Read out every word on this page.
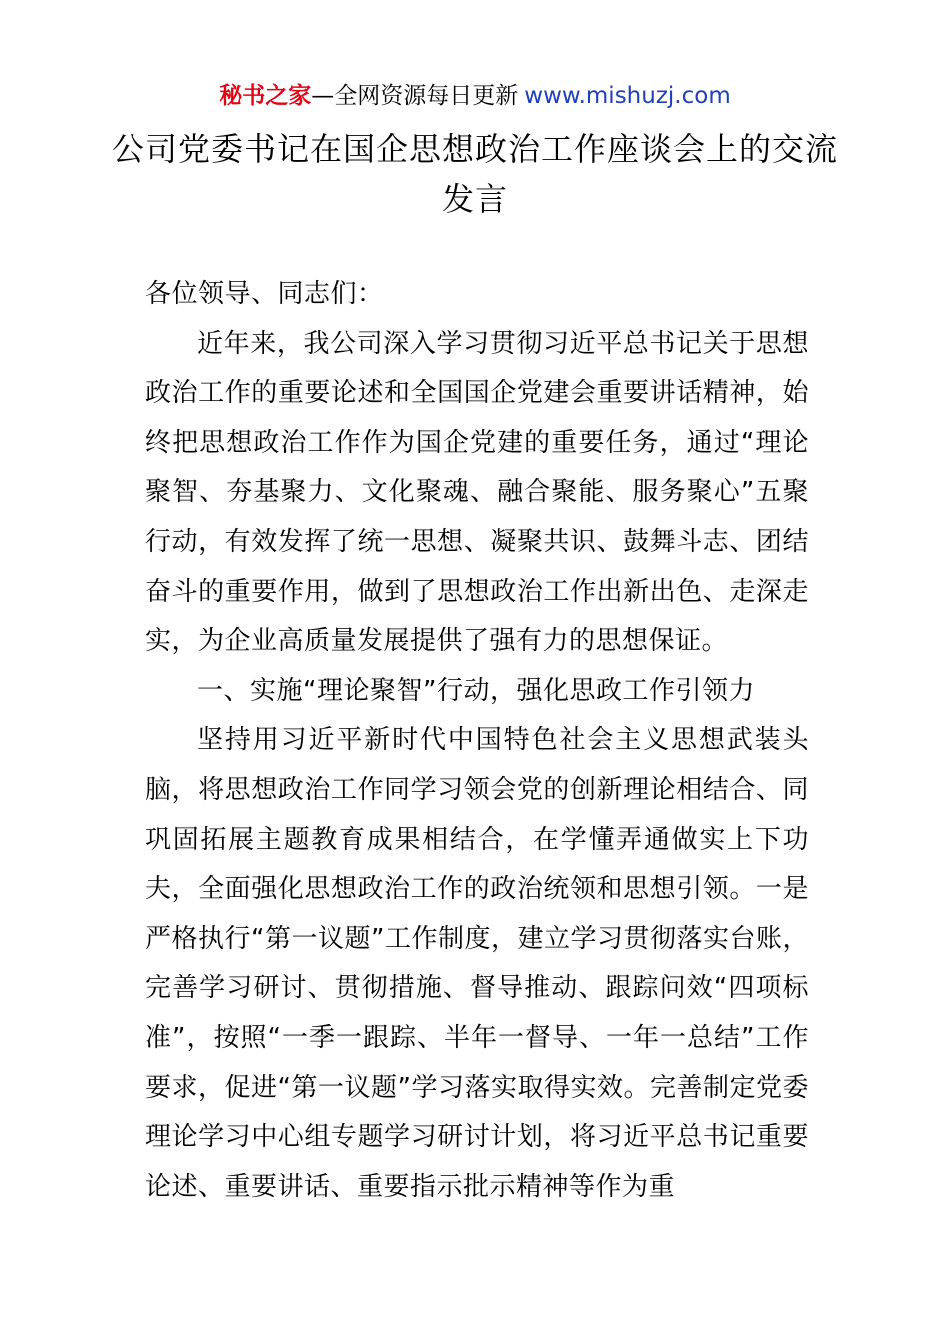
秘书之家—全网资源每日更新 www.mishuzj.com
公司党委书记在国企思想政治工作座谈会上的交流发言

各位领导、同志们：

近年来，我公司深入学习贯彻习近平总书记关于思想政治工作的重要论述和全国国企党建会重要讲话精神，始终把思想政治工作作为国企党建的重要任务，通过“理论聚智、夯基聚力、文化聚魂、融合聚能、服务聚心”五聚行动，有效发挥了统一思想、凝聚共识、鼓舞斗志、团结奋斗的重要作用，做到了思想政治工作出新出色、走深走实，为企业高质量发展提供了强有力的思想保证。

一、实施“理论聚智”行动，强化思政工作引领力

坚持用习近平新时代中国特色社会主义思想武装头脑，将思想政治工作同学习领会党的创新理论相结合、同巩固拓展主题教育成果相结合，在学懂弄通做实上下功夫，全面强化思想政治工作的政治统领和思想引领。一是严格执行“第一议题”工作制度，建立学习贯彻落实台账，完善学习研讨、贯彻措施、督导推动、跟踪问效“四项标准”，按照“一季一跟踪、半年一督导、一年一总结”工作要求，促进“第一议题”学习落实取得实效。完善制定党委理论学习中心组专题学习研讨计划，将习近平总书记重要论述、重要讲话、重要指示批示精神等作为重
